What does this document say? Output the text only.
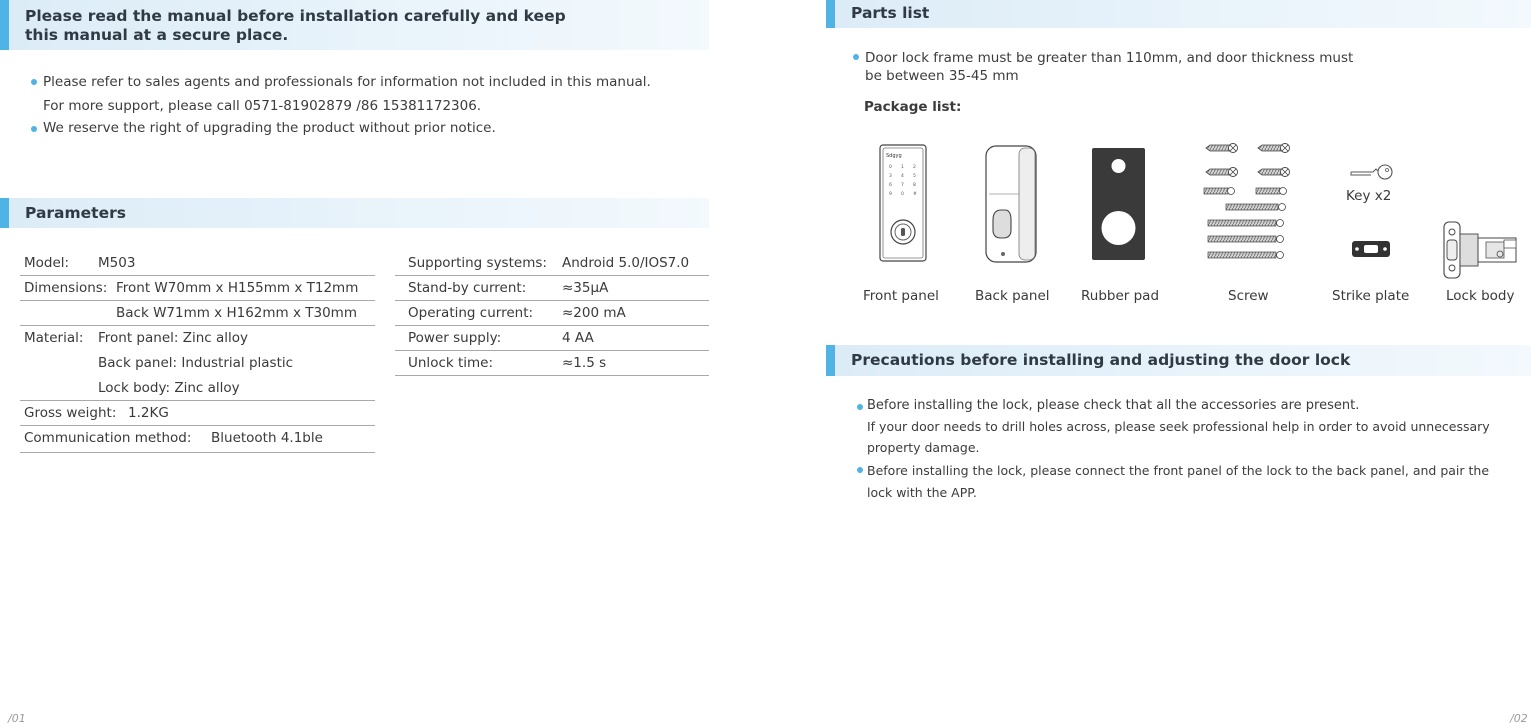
Please read the manual before installation carefully and keep
this manual at a secure place.
Please refer to sales agents and professionals for information not included in this manual.
For more support, please call 0571-81902879 /86 15381172306.
We reserve the right of upgrading the product without prior notice.
Parameters
Model: M503
Dimensions: Front W70mm x H155mm x T12mm
Back W71mm x H162mm x T30mm
Material: Front panel: Zinc alloy
Back panel: Industrial plastic
Lock body: Zinc alloy
Gross weight: 1.2KG
Communication method: Bluetooth 4.1ble
Supporting systems: Android 5.0/IOS7.0
Stand-by current:	≈35μA
Operating current: ≈200 mA
Power supply:	4 AA
Unlock time:	≈1.5 s
/01
Parts list
Door lock frame must be greater than 110mm, and door thickness must
be between 35-45 mm
Package list:
Sdgyg
0 1 2
3 4 5
6 7 8
9 0 #	Key x2
Front panel	Back panel Rubber pad	Screw	Strike plate	Lock body
Precautions before installing and adjusting the door lock
Before installing the lock, please check that all the accessories are present.
If your door needs to drill holes across, please seek professional help in order to avoid unnecessary
property damage.
Before installing the lock, please connect the front panel of the lock to the back panel, and pair the
lock with the APP.
/02
